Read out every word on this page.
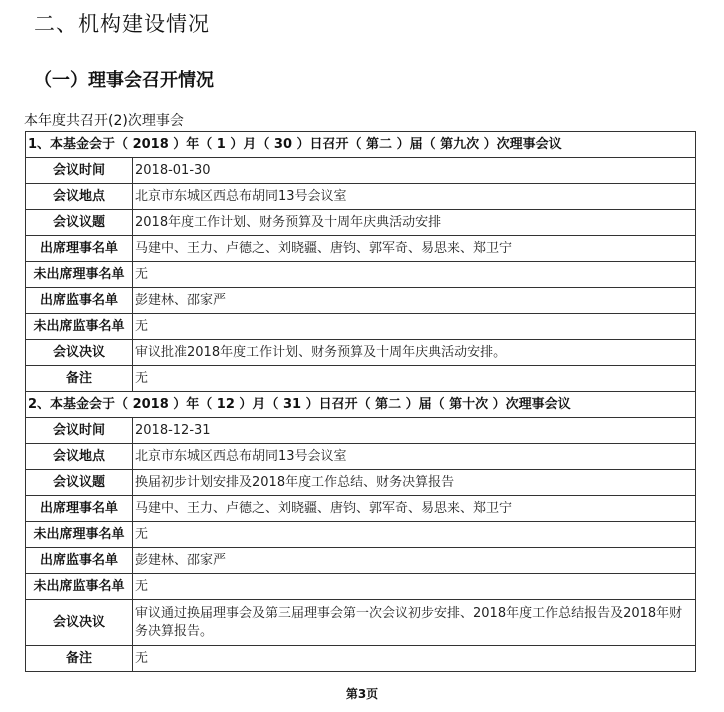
二、机构建设情况
（一）理事会召开情况
本年度共召开(2)次理事会
1、本基金会于（ 2018 ）年（ 1 ）月（ 30 ）日召开（ 第二 ）届（ 第九次 ）次理事会议	
会议时间	2018-01-30
会议地点	北京市东城区西总布胡同13号会议室
会议议题	2018年度工作计划、财务预算及十周年庆典活动安排
出席理事名单	马建中、王力、卢德之、刘晓疆、唐钧、郭军奇、易思来、郑卫宁
未出席理事名单	无
出席监事名单	彭建林、邵家严
未出席监事名单	无
会议决议	审议批准2018年度工作计划、财务预算及十周年庆典活动安排。
备注	无
2、本基金会于（ 2018 ）年（ 12 ）月（ 31 ）日召开（ 第二 ）届（ 第十次 ）次理事会议	
会议时间	2018-12-31
会议地点	北京市东城区西总布胡同13号会议室
会议议题	换届初步计划安排及2018年度工作总结、财务决算报告
出席理事名单	马建中、王力、卢德之、刘晓疆、唐钧、郭军奇、易思来、郑卫宁
未出席理事名单	无
出席监事名单	彭建林、邵家严
未出席监事名单	无
会议决议	审议通过换届理事会及第三届理事会第一次会议初步安排、2018年度工作总结报告及2018年财务决算报告。
备注	无
第3页
